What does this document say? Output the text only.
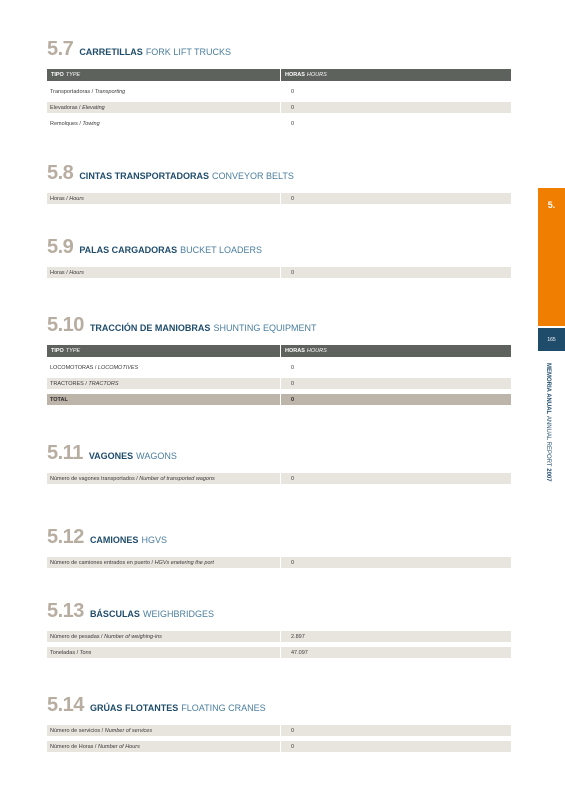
5.7 CARRETILLAS FORK LIFT TRUCKS
TIPO TYPE	HORAS HOURS
Transportadoras / Transporting	0
Elevadoras / Elevating	0
Remolques / Towing	0
5.8 CINTAS TRANSPORTADORAS CONVEYOR BELTS
Horas / Hours	0
5.9 PALAS CARGADORAS BUCKET LOADERS
Horas / Hours	0
5.10 TRACCIÓN DE MANIOBRAS SHUNTING EQUIPMENT
TIPO TYPE	HORAS HOURS
LOCOMOTORAS / LOCOMOTIVES	0
TRACTORES / TRACTORS	0
TOTAL	0
5.11 VAGONES WAGONS
Número de vagones transportados / Number of transported wagons	0
5.12 CAMIONES HGVS
Número de camiones entrados en puerto / HGVs enetering the port	0
5.13 BÁSCULAS WEIGHBRIDGES
Número de pesadas / Number of weighing-ins	2.897
Toneladas / Tons	47.097
5.14 GRÚAS FLOTANTES FLOATING CRANES
Número de servicios / Number of services	0
Número de Horas / Number of Hours	0
5.
165
MEMORIA ANUAL ANNUAL REPORT 2007
